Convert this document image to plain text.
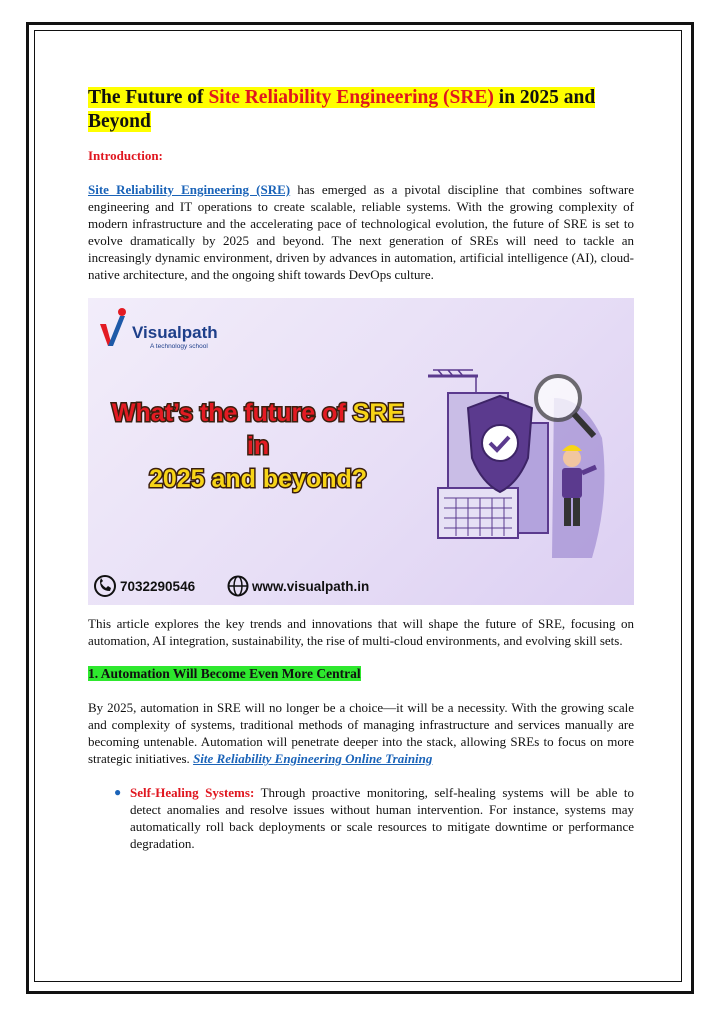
The Future of Site Reliability Engineering (SRE) in 2025 and Beyond
Introduction:

Site Reliability Engineering (SRE) has emerged as a pivotal discipline that combines software engineering and IT operations to create scalable, reliable systems. With the growing complexity of modern infrastructure and the accelerating pace of technological evolution, the future of SRE is set to evolve dramatically by 2025 and beyond. The next generation of SREs will need to tackle an increasingly dynamic environment, driven by advances in automation, artificial intelligence (AI), cloud-native architecture, and the ongoing shift towards DevOps culture.

Visualpath
A technology school
What’s the future of SRE
in
2025 and beyond?
7032290546	www.visualpath.in

This article explores the key trends and innovations that will shape the future of SRE, focusing on automation, AI integration, sustainability, the rise of multi-cloud environments, and evolving skill sets.

1. Automation Will Become Even More Central

By 2025, automation in SRE will no longer be a choice—it will be a necessity. With the growing scale and complexity of systems, traditional methods of managing infrastructure and services manually are becoming untenable. Automation will penetrate deeper into the stack, allowing SREs to focus on more strategic initiatives. Site Reliability Engineering Online Training

● Self-Healing Systems: Through proactive monitoring, self-healing systems will be able to detect anomalies and resolve issues without human intervention. For instance, systems may automatically roll back deployments or scale resources to mitigate downtime or performance degradation.
